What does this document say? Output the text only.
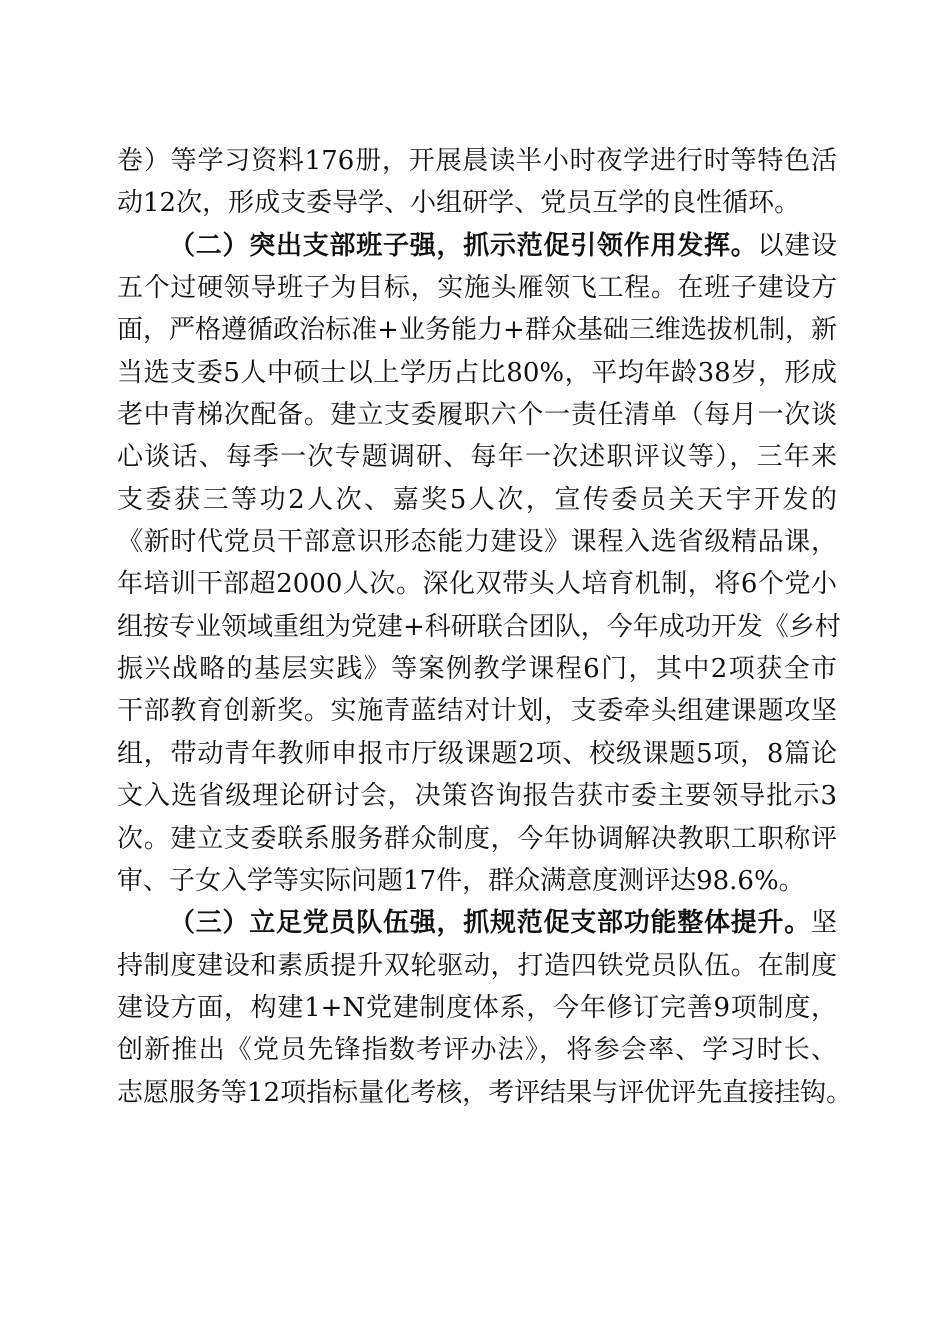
卷）等学习资料176册，开展晨读半小时夜学进行时等特色活
动12次，形成支委导学、小组研学、党员互学的良性循环。
（二）突出支部班子强，抓示范促引领作用发挥。以建设
五个过硬领导班子为目标，实施头雁领飞工程。在班子建设方
面，严格遵循政治标准+业务能力+群众基础三维选拔机制，新
当选支委5人中硕士以上学历占比80%，平均年龄38岁，形成
老中青梯次配备。建立支委履职六个一责任清单（每月一次谈
心谈话、每季一次专题调研、每年一次述职评议等），三年来
支委获三等功2人次、嘉奖5人次，宣传委员关天宇开发的
《新时代党员干部意识形态能力建设》课程入选省级精品课，
年培训干部超2000人次。深化双带头人培育机制，将6个党小
组按专业领域重组为党建+科研联合团队，今年成功开发《乡村
振兴战略的基层实践》等案例教学课程6门，其中2项获全市
干部教育创新奖。实施青蓝结对计划，支委牵头组建课题攻坚
组，带动青年教师申报市厅级课题2项、校级课题5项，8篇论
文入选省级理论研讨会，决策咨询报告获市委主要领导批示3
次。建立支委联系服务群众制度，今年协调解决教职工职称评
审、子女入学等实际问题17件，群众满意度测评达98.6%。
（三）立足党员队伍强，抓规范促支部功能整体提升。坚
持制度建设和素质提升双轮驱动，打造四铁党员队伍。在制度
建设方面，构建1+N党建制度体系，今年修订完善9项制度，
创新推出《党员先锋指数考评办法》，将参会率、学习时长、
志愿服务等12项指标量化考核，考评结果与评优评先直接挂钩。
